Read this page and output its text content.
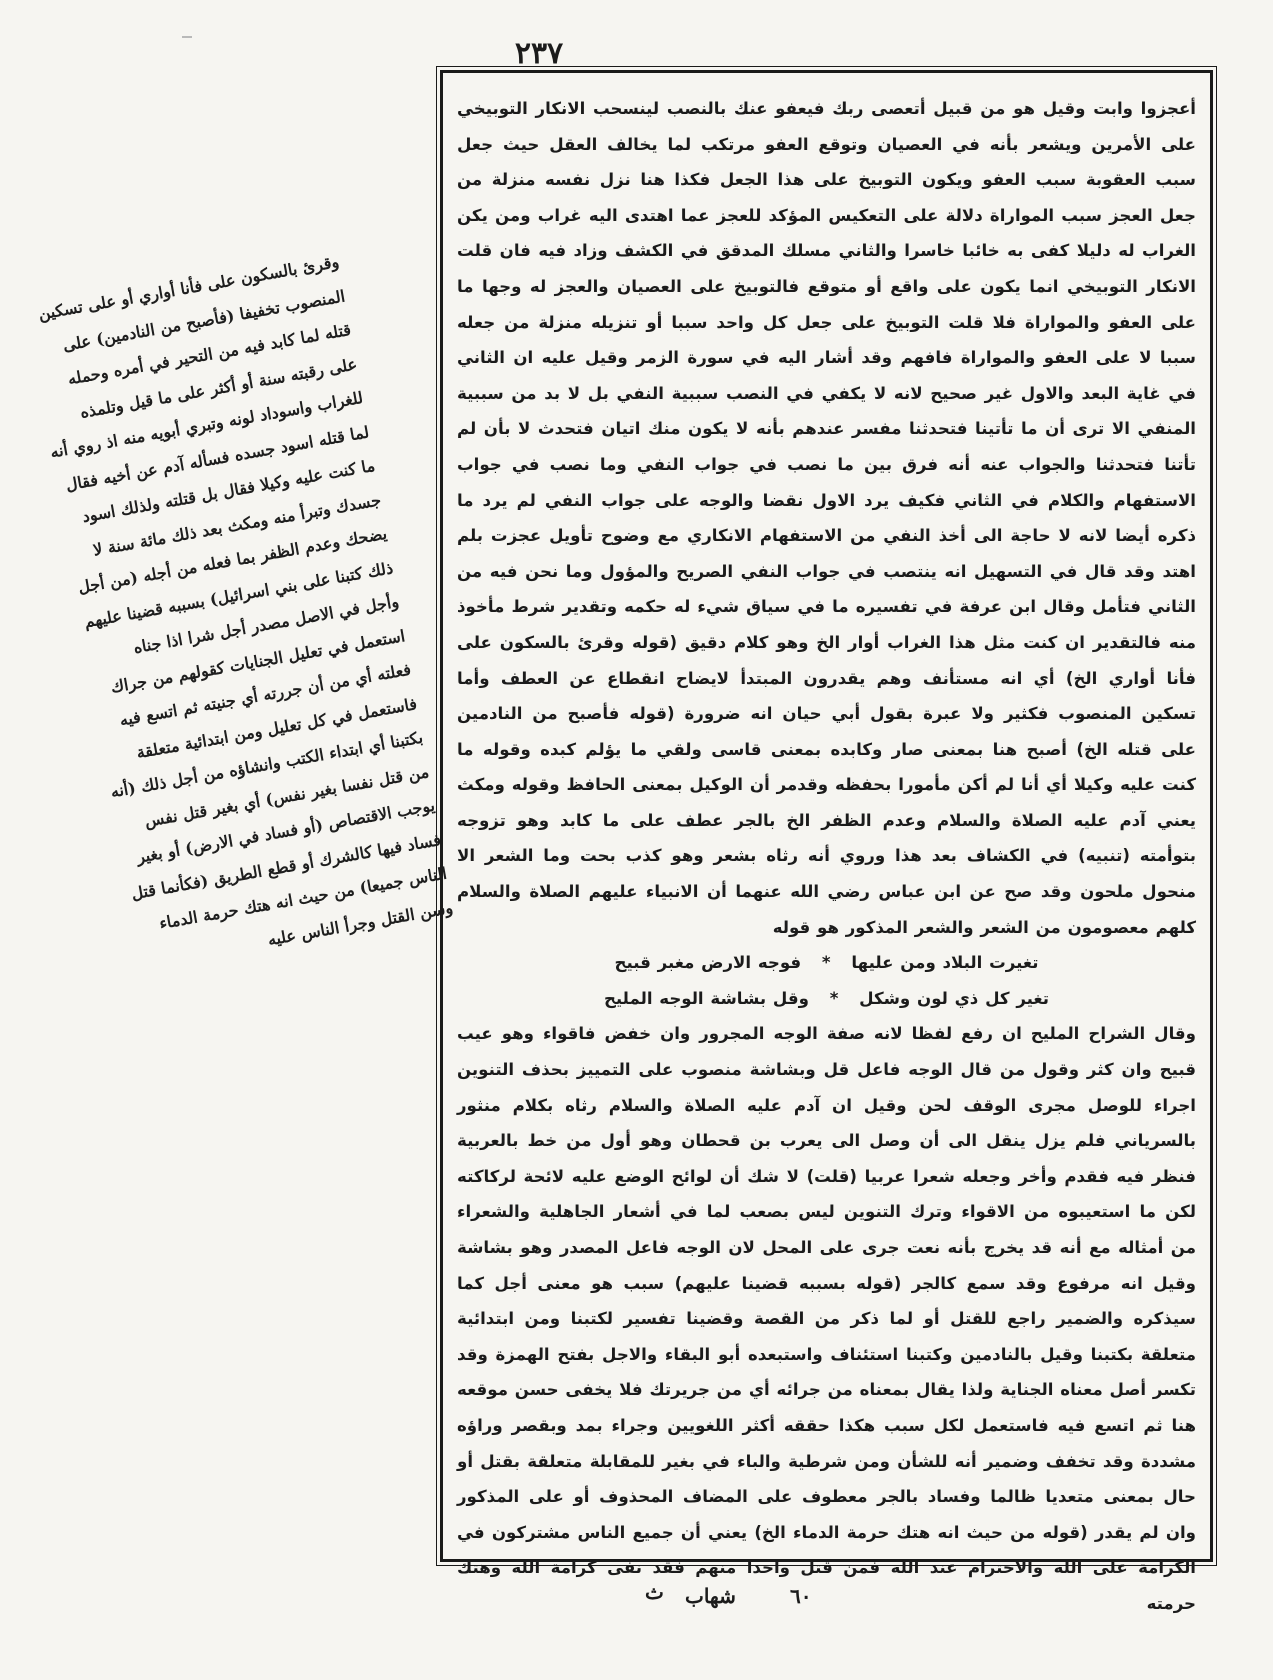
٢٣٧

وقرئ بالسكون على فأنا أواري أو على تسكين المنصوب تخفيفا (فأصبح من النادمين) على قتله لما كابد فيه من التحير في أمره وحمله على رقبته سنة أو أكثر على ما قيل وتلمذه للغراب واسوداد لونه وتبري أبويه منه اذ روي أنه لما قتله اسود جسده فسأله آدم عن أخيه فقال ما كنت عليه وكيلا فقال بل قتلته ولذلك اسود جسدك وتبرأ منه ومكث بعد ذلك مائة سنة لا يضحك وعدم الظفر بما فعله من أجله (من أجل ذلك كتبنا على بني اسرائيل) بسببه قضينا عليهم وأجل في الاصل مصدر أجل شرا اذا جناه استعمل في تعليل الجنايات كقولهم من جراك فعلته أي من أن جررته أي جنيته ثم اتسع فيه فاستعمل في كل تعليل ومن ابتدائية متعلقة بكتبنا أي ابتداء الكتب وانشاؤه من أجل ذلك (أنه من قتل نفسا بغير نفس) أي بغير قتل نفس يوجب الاقتصاص (أو فساد في الارض) أو بغير فساد فيها كالشرك أو قطع الطريق (فكأنما قتل الناس جميعا) من حيث انه هتك حرمة الدماء وسن القتل وجرأ الناس عليه

أعجزوا وابت وقيل هو من قبيل أتعصى ربك فيعفو عنك بالنصب لينسحب الانكار التوبيخي على الأمرين ويشعر بأنه في العصيان وتوقع العفو مرتكب لما يخالف العقل حيث جعل سبب العقوبة سبب العفو ويكون التوبيخ على هذا الجعل فكذا هنا نزل نفسه منزلة من جعل العجز سبب المواراة دلالة على التعكيس المؤكد للعجز عما اهتدى اليه غراب ومن يكن الغراب له دليلا كفى به خائبا خاسرا والثاني مسلك المدقق في الكشف وزاد فيه فان قلت الانكار التوبيخي انما يكون على واقع أو متوقع فالتوبيخ على العصيان والعجز له وجها ما على العفو والمواراة فلا قلت التوبيخ على جعل كل واحد سببا أو تنزيله منزلة من جعله سببا لا على العفو والمواراة فافهم وقد أشار اليه في سورة الزمر وقيل عليه ان الثاني في غاية البعد والاول غير صحيح لانه لا يكفي في النصب سببية النفي بل لا بد من سببية المنفي الا ترى أن ما تأتينا فتحدثنا مفسر عندهم بأنه لا يكون منك اتيان فتحدث لا بأن لم تأتنا فتحدثنا والجواب عنه أنه فرق بين ما نصب في جواب النفي وما نصب في جواب الاستفهام والكلام في الثاني فكيف يرد الاول نقضا والوجه على جواب النفي لم يرد ما ذكره أيضا لانه لا حاجة الى أخذ النفي من الاستفهام الانكاري مع وضوح تأويل عجزت بلم اهتد وقد قال في التسهيل انه ينتصب في جواب النفي الصريح والمؤول وما نحن فيه من الثاني فتأمل وقال ابن عرفة في تفسيره ما في سياق شيء له حكمه وتقدير شرط مأخوذ منه فالتقدير ان كنت مثل هذا الغراب أوار الخ وهو كلام دقيق (قوله وقرئ بالسكون على فأنا أواري الخ) أي انه مستأنف وهم يقدرون المبتدأ لايضاح انقطاع عن العطف وأما تسكين المنصوب فكثير ولا عبرة بقول أبي حيان انه ضرورة (قوله فأصبح من النادمين على قتله الخ) أصبح هنا بمعنى صار وكابده بمعنى قاسى ولقي ما يؤلم كبده وقوله ما كنت عليه وكيلا أي أنا لم أكن مأمورا بحفظه وقدمر أن الوكيل بمعنى الحافظ وقوله ومكث يعني آدم عليه الصلاة والسلام وعدم الظفر الخ بالجر عطف على ما كابد وهو تزوجه بتوأمته (تنبيه) في الكشاف بعد هذا وروي أنه رثاه بشعر وهو كذب بحت وما الشعر الا منحول ملحون وقد صح عن ابن عباس رضي الله عنهما أن الانبياء عليهم الصلاة والسلام كلهم معصومون من الشعر والشعر المذكور هو قوله

تغيرت البلاد ومن عليها * فوجه الارض مغبر قبيح

تغير كل ذي لون وشكل * وقل بشاشة الوجه المليح

وقال الشراح المليح ان رفع لفظا لانه صفة الوجه المجرور وان خفض فاقواء وهو عيب قبيح وان كثر وقول من قال الوجه فاعل قل وبشاشة منصوب على التمييز بحذف التنوين اجراء للوصل مجرى الوقف لحن وقيل ان آدم عليه الصلاة والسلام رثاه بكلام منثور بالسرياني فلم يزل ينقل الى أن وصل الى يعرب بن قحطان وهو أول من خط بالعربية فنظر فيه فقدم وأخر وجعله شعرا عربيا (قلت) لا شك أن لوائح الوضع عليه لائحة لركاكته لكن ما استعيبوه من الاقواء وترك التنوين ليس بصعب لما في أشعار الجاهلية والشعراء من أمثاله مع أنه قد يخرج بأنه نعت جرى على المحل لان الوجه فاعل المصدر وهو بشاشة وقيل انه مرفوع وقد سمع كالجر (قوله بسببه قضينا عليهم) سبب هو معنى أجل كما سيذكره والضمير راجع للقتل أو لما ذكر من القصة وقضينا تفسير لكتبنا ومن ابتدائية متعلقة بكتبنا وقيل بالنادمين وكتبنا استئناف واستبعده أبو البقاء والاجل بفتح الهمزة وقد تكسر أصل معناه الجناية ولذا يقال بمعناه من جرائه أي من جريرتك فلا يخفى حسن موقعه هنا ثم اتسع فيه فاستعمل لكل سبب هكذا حققه أكثر اللغويين وجراء بمد وبقصر وراؤه مشددة وقد تخفف وضمير أنه للشأن ومن شرطية والباء في بغير للمقابلة متعلقة بقتل أو حال بمعنى متعديا ظالما وفساد بالجر معطوف على المضاف المحذوف أو على المذكور وان لم يقدر (قوله من حيث انه هتك حرمة الدماء الخ) يعني أن جميع الناس مشتركون في الكرامة على الله والاحترام عند الله فمن قتل واحدا منهم فقد نفى كرامة الله وهتك حرمته

٦٠
شهاب
ث
